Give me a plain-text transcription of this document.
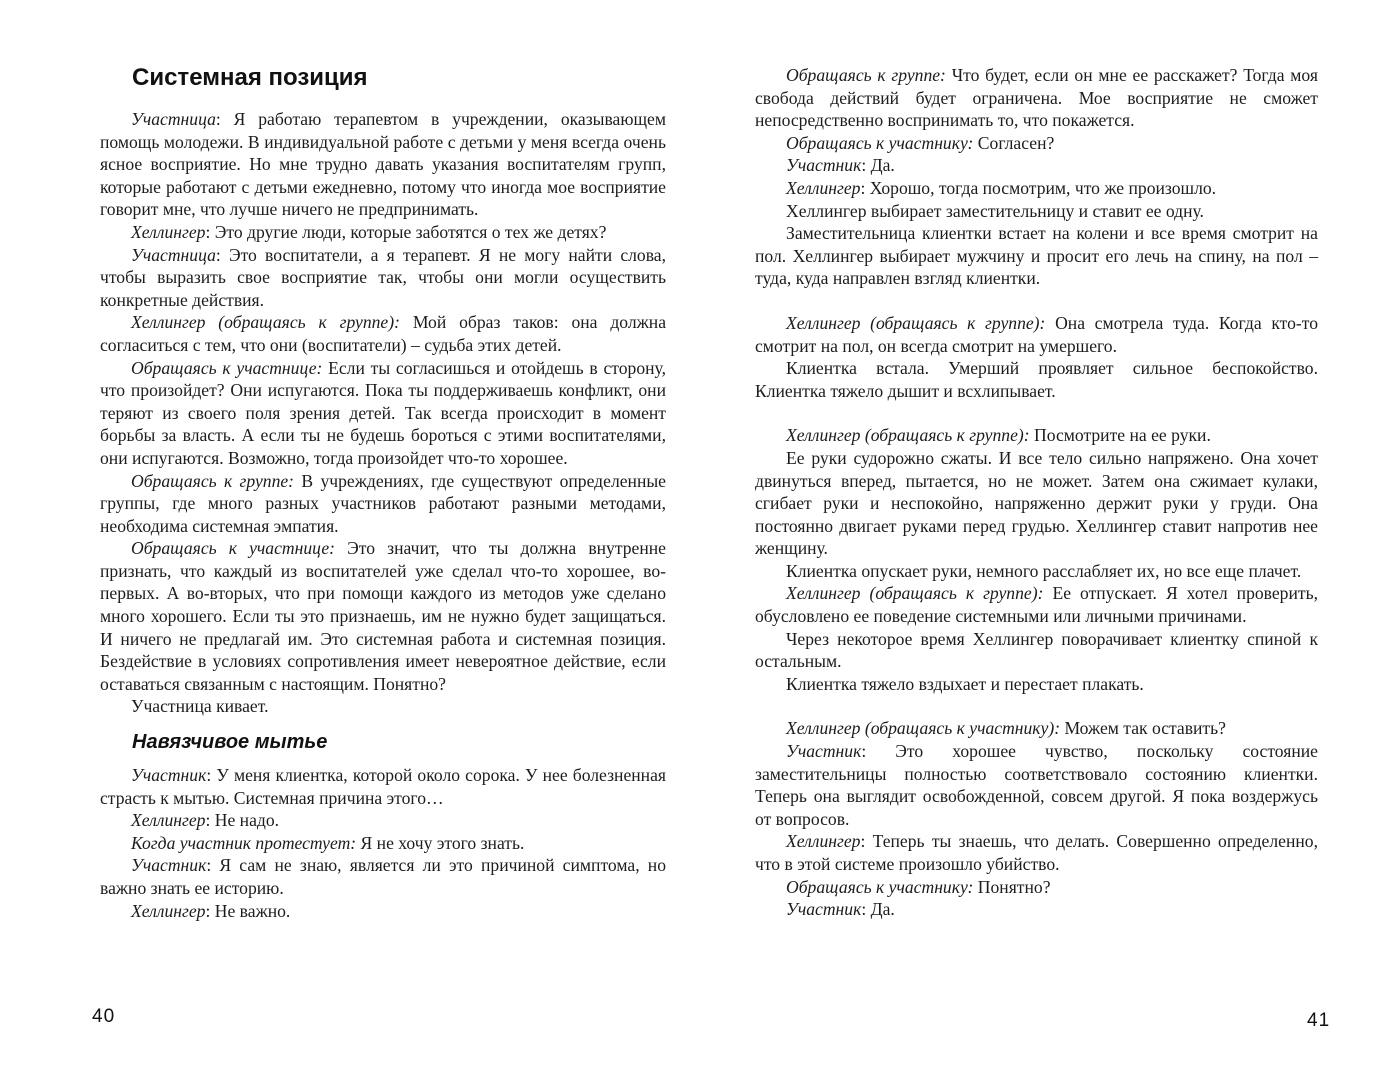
Системная позиция

Участница: Я работаю терапевтом в учреждении, оказывающем помощь молодежи. В индивидуальной работе с детьми у меня всегда очень ясное восприятие. Но мне трудно давать указания воспитателям групп, которые работают с детьми ежедневно, потому что иногда мое восприятие говорит мне, что лучше ничего не предпринимать.

Хеллингер: Это другие люди, которые заботятся о тех же детях?

Участница: Это воспитатели, а я терапевт. Я не могу найти слова, чтобы выразить свое восприятие так, чтобы они могли осуществить конкретные действия.

Хеллингер (обращаясь к группе): Мой образ таков: она должна согласиться с тем, что они (воспитатели) – судьба этих детей.

Обращаясь к участнице: Если ты согласишься и отойдешь в сторону, что произойдет? Они испугаются. Пока ты поддерживаешь конфликт, они теряют из своего поля зрения детей. Так всегда происходит в момент борьбы за власть. А если ты не будешь бороться с этими воспитателями, они испугаются. Возможно, тогда произойдет что-то хорошее.

Обращаясь к группе: В учреждениях, где существуют определенные группы, где много разных участников работают разными методами, необходима системная эмпатия.

Обращаясь к участнице: Это значит, что ты должна внутренне признать, что каждый из воспитателей уже сделал что-то хорошее, во-первых. А во-вторых, что при помощи каждого из методов уже сделано много хорошего. Если ты это признаешь, им не нужно будет защищаться. И ничего не предлагай им. Это системная работа и системная позиция. Бездействие в условиях сопротивления имеет невероятное действие, если оставаться связанным с настоящим. Понятно?

Участница кивает.

Навязчивое мытье

Участник: У меня клиентка, которой около сорока. У нее болезненная страсть к мытью. Системная причина этого…

Хеллингер: Не надо.

Когда участник протестует: Я не хочу этого знать.

Участник: Я сам не знаю, является ли это причиной симптома, но важно знать ее историю.

Хеллингер: Не важно.

40

Обращаясь к группе: Что будет, если он мне ее расскажет? Тогда моя свобода действий будет ограничена. Мое восприятие не сможет непосредственно воспринимать то, что покажется.

Обращаясь к участнику: Согласен?

Участник: Да.

Хеллингер: Хорошо, тогда посмотрим, что же произошло.

Хеллингер выбирает заместительницу и ставит ее одну.

Заместительница клиентки встает на колени и все время смотрит на пол. Хеллингер выбирает мужчину и просит его лечь на спину, на пол – туда, куда направлен взгляд клиентки.

Хеллингер (обращаясь к группе): Она смотрела туда. Когда кто-то смотрит на пол, он всегда смотрит на умершего.

Клиентка встала. Умерший проявляет сильное беспокойство. Клиентка тяжело дышит и всхлипывает.

Хеллингер (обращаясь к группе): Посмотрите на ее руки.

Ее руки судорожно сжаты. И все тело сильно напряжено. Она хочет двинуться вперед, пытается, но не может. Затем она сжимает кулаки, сгибает руки и неспокойно, напряженно держит руки у груди. Она постоянно двигает руками перед грудью. Хеллингер ставит напротив нее женщину.

Клиентка опускает руки, немного расслабляет их, но все еще плачет.

Хеллингер (обращаясь к группе): Ее отпускает. Я хотел проверить, обусловлено ее поведение системными или личными причинами.

Через некоторое время Хеллингер поворачивает клиентку спиной к остальным.

Клиентка тяжело вздыхает и перестает плакать.

Хеллингер (обращаясь к участнику): Можем так оставить?

Участник: Это хорошее чувство, поскольку состояние заместительницы полностью соответствовало состоянию клиентки. Теперь она выглядит освобожденной, совсем другой. Я пока воздержусь от вопросов.

Хеллингер: Теперь ты знаешь, что делать. Совершенно определенно, что в этой системе произошло убийство.

Обращаясь к участнику: Понятно?

Участник: Да.

41
